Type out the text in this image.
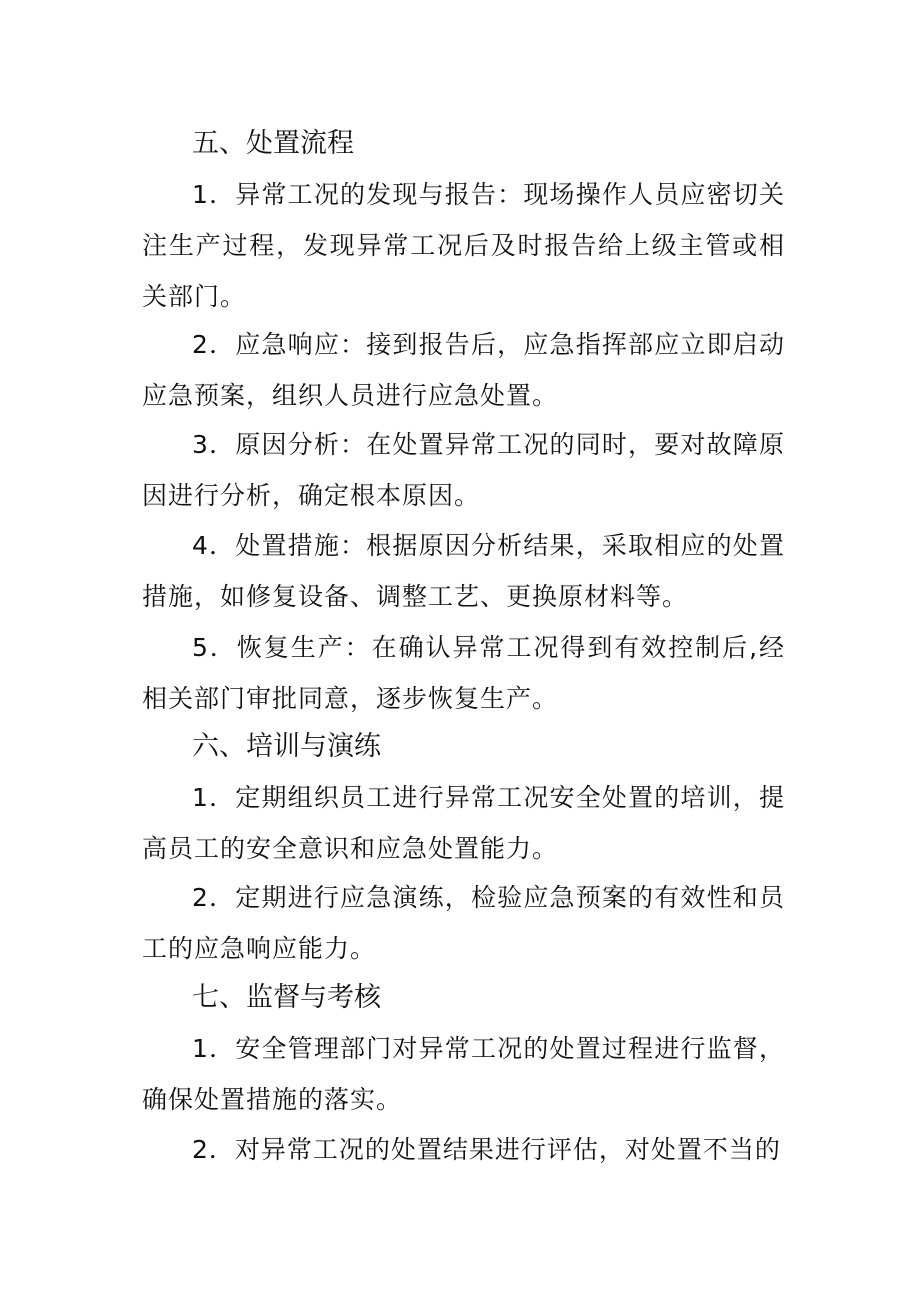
五、处置流程

1．异常工况的发现与报告：现场操作人员应密切关注生产过程，发现异常工况后及时报告给上级主管或相关部门。

2．应急响应：接到报告后，应急指挥部应立即启动应急预案，组织人员进行应急处置。

3．原因分析：在处置异常工况的同时，要对故障原因进行分析，确定根本原因。

4．处置措施：根据原因分析结果，采取相应的处置措施，如修复设备、调整工艺、更换原材料等。

5．恢复生产：在确认异常工况得到有效控制后,经相关部门审批同意，逐步恢复生产。

六、培训与演练

1．定期组织员工进行异常工况安全处置的培训，提高员工的安全意识和应急处置能力。

2．定期进行应急演练，检验应急预案的有效性和员工的应急响应能力。

七、监督与考核

1．安全管理部门对异常工况的处置过程进行监督，确保处置措施的落实。

2．对异常工况的处置结果进行评估，对处置不当的
